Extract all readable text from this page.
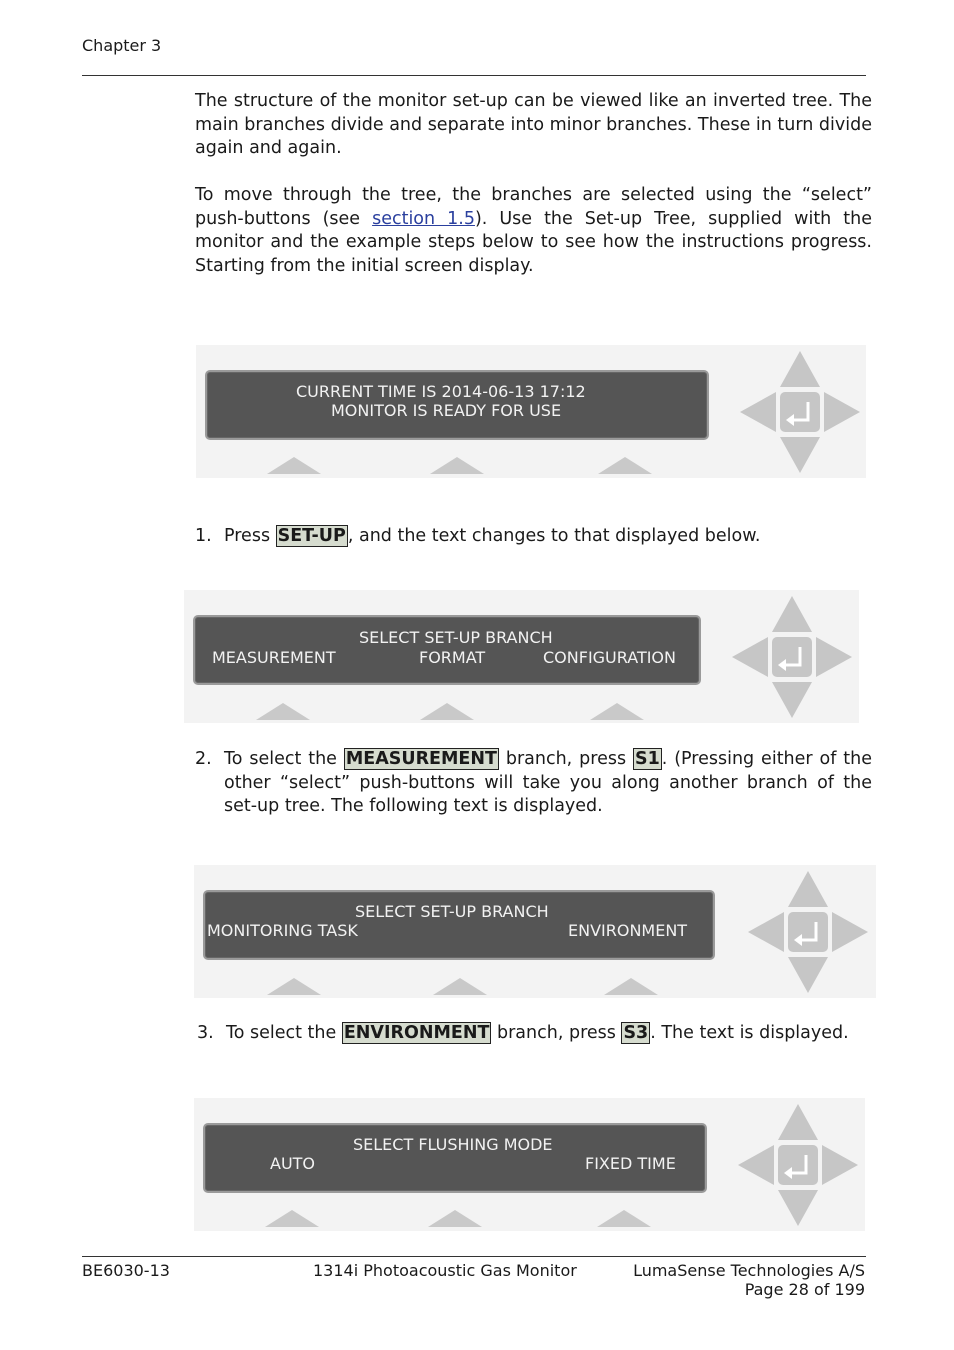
Chapter 3
The structure of the monitor set-up can be viewed like an inverted tree. The main branches divide and separate into minor branches. These in turn divide again and again.
To move through the tree, the branches are selected using the “select” push-buttons (see section 1.5). Use the Set-up Tree, supplied with the monitor and the example steps below to see how the instructions progress. Starting from the initial screen display.
CURRENT TIME IS 2014-06-13 17:12
MONITOR IS READY FOR USE
1. Press SET-UP , and the text changes to that displayed below.
SELECT SET-UP BRANCH
MEASUREMENT	FORMAT	CONFIGURATION
2. To select the MEASUREMENT branch, press S1 . (Pressing either of the other “select” push-buttons will take you along another branch of the set-up tree. The following text is displayed.
SELECT SET-UP BRANCH
MONITORING TASK	ENVIRONMENT
3. To select the ENVIRONMENT branch, press S3 . The text is displayed.
SELECT FLUSHING MODE
AUTO	FIXED TIME
BE6030-13	1314i Photoacoustic Gas Monitor	LumaSense Technologies A/S
Page 28 of 199
